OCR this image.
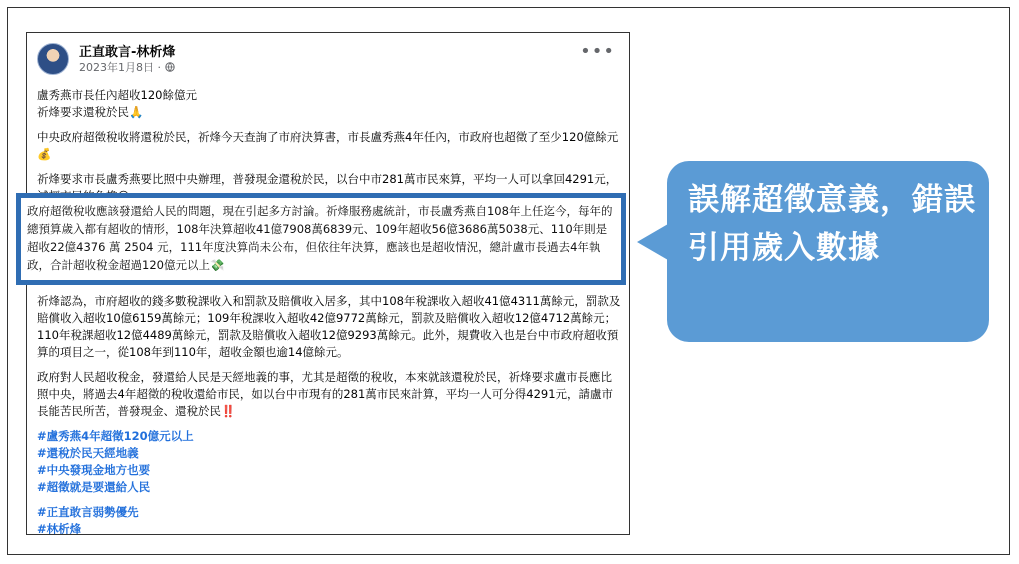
正直敢言-林析烽
2023年1月8日 ·
•••

盧秀燕市長任內超收120餘億元
祈烽要求還稅於民🙏

中央政府超徵稅收將還稅於民，祈烽今天查詢了市府決算書，市長盧秀燕4年任內，市政府也超徵了至少120億餘元💰

祈烽要求市長盧秀燕要比照中央辦理，普發現金還稅於民，以台中市281萬市民來算，平均一人可以拿回4291元，

祈烽認為，市府超收的錢多數稅課收入和罰款及賠償收入居多，其中108年稅課收入超收41億4311萬餘元，罰款及賠償收入超收10億6159萬餘元；109年稅課收入超收42億9772萬餘元，罰款及賠償收入超收12億4712萬餘元；110年稅課超收12億4489萬餘元，罰款及賠償收入超收12億9293萬餘元。此外，規費收入也是台中市政府超收預算的項目之一，從108年到110年，超收金額也逾14億餘元。

政府對人民超收稅金，發還給人民是天經地義的事，尤其是超徵的稅收，本來就該還稅於民，祈烽要求盧市長應比照中央，將過去4年超徵的稅收還給市民，如以台中市現有的281萬市民來計算，平均一人可分得4291元，請盧市長能苦民所苦，普發現金、還稅於民‼️

#盧秀燕4年超徵120億元以上
#還稅於民天經地義
#中央發現金地方也要
#超徵就是要還給人民
#正直敢言弱勢優先
#林析烽
政府超徵稅收應該發還給人民的問題，現在引起多方討論。祈烽服務處統計，市長盧秀燕自108年上任迄今，每年的總預算歲入都有超收的情形，108年決算超收41億7908萬6839元、109年超收56億3686萬5038元、110年則是超收22億4376 萬 2504 元，111年度決算尚未公布，但依往年決算，應該也是超收情況，總計盧市長過去4年執政，合計超收稅金超過120億元以上💸
誤解超徵意義，錯誤引用歲入數據
